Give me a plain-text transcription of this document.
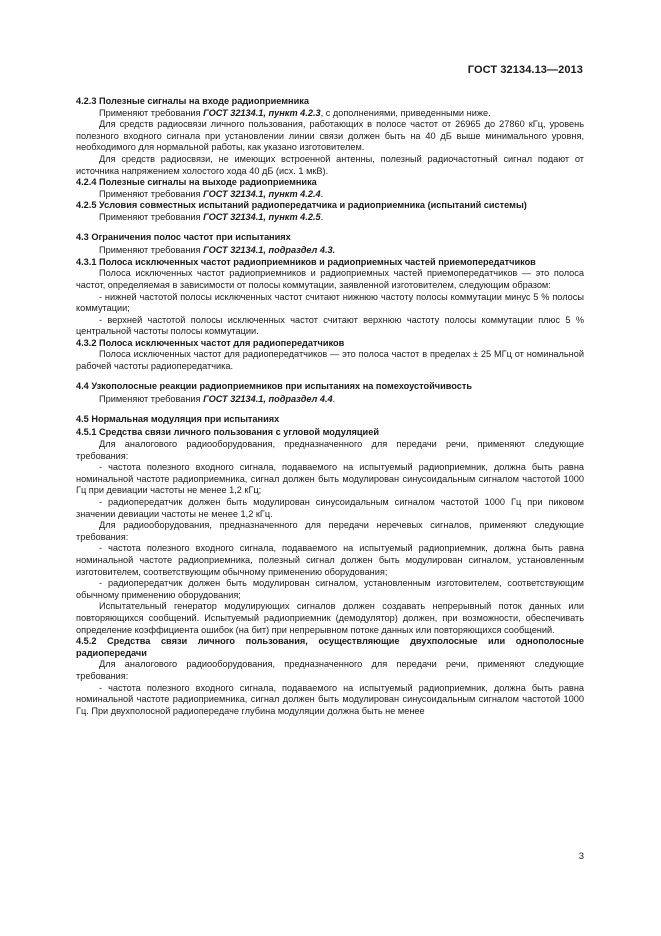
ГОСТ 32134.13—2013

4.2.3 Полезные сигналы на входе радиоприемника

Применяют требования ГОСТ 32134.1, пункт 4.2.3, с дополнениями, приведенными ниже.

Для средств радиосвязи личного пользования, работающих в полосе частот от 26965 до 27860 кГц, уровень полезного входного сигнала при установлении линии связи должен быть на 40 дБ выше минимального уровня, необходимого для нормальной работы, как указано изготовителем.

Для средств радиосвязи, не имеющих встроенной антенны, полезный радиочастотный сигнал подают от источника напряжением холостого хода 40 дБ (исх. 1 мкВ).

4.2.4 Полезные сигналы на выходе радиоприемника

Применяют требования ГОСТ 32134.1, пункт 4.2.4.

4.2.5 Условия совместных испытаний радиопередатчика и радиоприемника (испытаний системы)

Применяют требования ГОСТ 32134.1, пункт 4.2.5.

4.3 Ограничения полос частот при испытаниях

Применяют требования ГОСТ 32134.1, подраздел 4.3.

4.3.1 Полоса исключенных частот радиоприемников и радиоприемных частей приемопередатчиков

Полоса исключенных частот радиоприемников и радиоприемных частей приемопередатчиков — это полоса частот, определяемая в зависимости от полосы коммутации, заявленной изготовителем, следующим образом:

- нижней частотой полосы исключенных частот считают нижнюю частоту полосы коммутации минус 5 % полосы коммутации;

- верхней частотой полосы исключенных частот считают верхнюю частоту полосы коммутации плюс 5 % центральной частоты полосы коммутации.

4.3.2 Полоса исключенных частот для радиопередатчиков

Полоса исключенных частот для радиопередатчиков — это полоса частот в пределах ± 25 МГц от номинальной рабочей частоты радиопередатчика.

4.4 Узкополосные реакции радиоприемников при испытаниях на помехоустойчивость

Применяют требования ГОСТ 32134.1, подраздел 4.4.

4.5 Нормальная модуляция при испытаниях

4.5.1 Средства связи личного пользования с угловой модуляцией

Для аналогового радиооборудования, предназначенного для передачи речи, применяют следующие требования:

- частота полезного входного сигнала, подаваемого на испытуемый радиоприемник, должна быть равна номинальной частоте радиоприемника, сигнал должен быть модулирован синусоидальным сигналом частотой 1000 Гц при девиации частоты не менее 1,2 кГц;

- радиопередатчик должен быть модулирован синусоидальным сигналом частотой 1000 Гц при пиковом значении девиации частоты не менее 1,2 кГц.

Для радиооборудования, предназначенного для передачи неречевых сигналов, применяют следующие требования:

- частота полезного входного сигнала, подаваемого на испытуемый радиоприемник, должна быть равна номинальной частоте радиоприемника, полезный сигнал должен быть модулирован сигналом, установленным изготовителем, соответствующим обычному применению оборудования;

- радиопередатчик должен быть модулирован сигналом, установленным изготовителем, соответствующим обычному применению оборудования;

Испытательный генератор модулирующих сигналов должен создавать непрерывный поток данных или повторяющихся сообщений. Испытуемый радиоприемник (демодулятор) должен, при возможности, обеспечивать определение коэффициента ошибок (на бит) при непрерывном потоке данных или повторяющихся сообщений.

4.5.2 Средства связи личного пользования, осуществляющие двухполосные или однополосные радиопередачи

Для аналогового радиооборудования, предназначенного для передачи речи, применяют следующие требования:

- частота полезного входного сигнала, подаваемого на испытуемый радиоприемник, должна быть равна номинальной частоте радиоприемника, сигнал должен быть модулирован синусоидальным сигналом частотой 1000 Гц. При двухполосной радиопередаче глубина модуляции должна быть не менее

3
